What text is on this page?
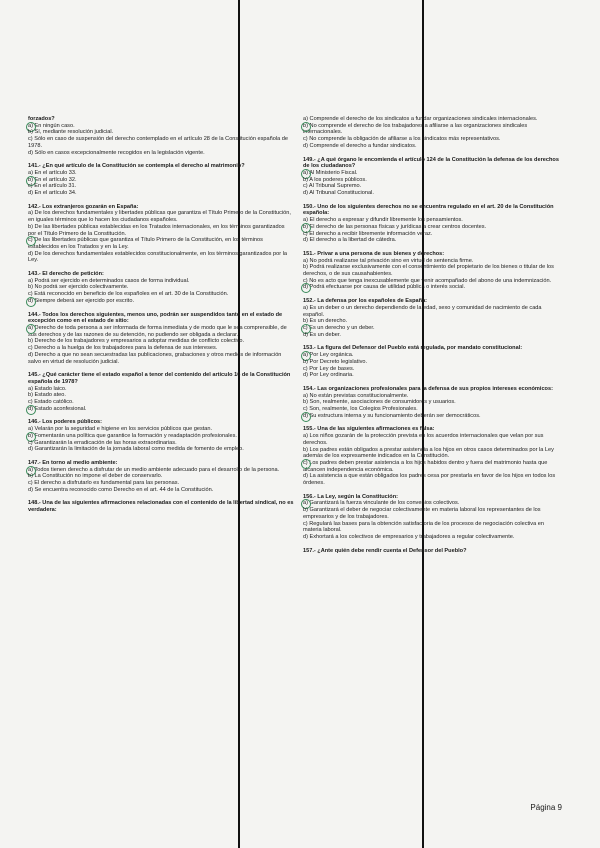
forzados?
a) En ningún caso.
b) Sí, mediante resolución judicial.
c) Sólo en caso de suspensión del derecho contemplado en el artículo 28 de la Constitución española de 1978.
d) Sólo en casos excepcionalmente recogidos en la legislación vigente.
141.- ¿En qué artículo de la Constitución se contempla el derecho al matrimonio?
a) En el artículo 33.
b) En el artículo 32.
c) En el artículo 31.
d) En el artículo 34.
142.- Los extranjeros gozarán en España:
a) De los derechos fundamentales y libertades públicas que garantiza el Título Primero de la Constitución, en iguales términos que lo hacen los ciudadanos españoles.
b) De las libertades públicas establecidas en los Tratados internacionales, en los términos garantizados por el Título Primero de la Constitución.
c) De las libertades públicas que garantiza el Título Primero de la Constitución, en los términos establecidos en los Tratados y en la Ley.
d) De los derechos fundamentales establecidos constitucionalmente, en los términos garantizados por la Ley.
143.- El derecho de petición:
a) Podrá ser ejercido en determinados casos de forma individual.
b) No podrá ser ejercido colectivamente.
c) Está reconocido en beneficio de los españoles en el art. 30 de la Constitución.
d) Siempre deberá ser ejercido por escrito.
144.- Todos los derechos siguientes, menos uno, podrán ser suspendidos tanto en el estado de excepción como en el estado de sitio:
a) Derecho de toda persona a ser informada de forma inmediata y de modo que le sea comprensible, de sus derechos y de las razones de su detención, no pudiendo ser obligada a declarar.
b) Derecho de los trabajadores y empresarios a adoptar medidas de conflicto colectivo.
c) Derecho a la huelga de los trabajadores para la defensa de sus intereses.
d) Derecho a que no sean secuestradas las publicaciones, grabaciones y otros medios de información salvo en virtud de resolución judicial.
145.- ¿Qué carácter tiene el estado español a tenor del contenido del artículo 16 de la Constitución española de 1978?
a) Estado laico.
b) Estado ateo.
c) Estado católico.
d) Estado aconfesional.
146.- Los poderes públicos:
a) Velarán por la seguridad e higiene en los servicios públicos que gestan.
b) Fomentarán una política que garantice la formación y readaptación profesionales.
c) Garantizarán la erradicación de las horas extraordinarias.
d) Garantizarán la limitación de la jornada laboral como medida de fomento de empleo.
147.- En torno al medio ambiente:
a) Todos tienen derecho a disfrutar de un medio ambiente adecuado para el desarrollo de la persona.
b) La Constitución no impone el deber de conservarlo.
c) El derecho a disfrutarlo es fundamental para las personas.
d) Se encuentra reconocido como Derecho en el art. 44 de la Constitución.
148.- Una de las siguientes afirmaciones relacionadas con el contenido de la libertad sindical, no es verdadera:
a) Comprende el derecho de los sindicatos a fundar organizaciones sindicales internacionales.
b) No comprende el derecho de los trabajadores a afiliarse a las organizaciones sindicales internacionales.
c) No comprende la obligación de afiliarse a los sindicatos más representativos.
d) Comprende el derecho a fundar sindicatos.
149.- ¿A qué órgano le encomienda el artículo 124 de la Constitución la defensa de los derechos de los ciudadanos?
a) Al Ministerio Fiscal.
b) A los poderes públicos.
c) Al Tribunal Supremo.
d) Al Tribunal Constitucional.
150.- Uno de los siguientes derechos no se encuentra regulado en el art. 20 de la Constitución española:
a) El derecho a expresar y difundir libremente los pensamientos.
b) El derecho de las personas físicas y jurídicas a crear centros docentes.
c) El derecho a recibir libremente información veraz.
d) El derecho a la libertad de cátedra.
151.- Privar a una persona de sus bienes y derechos:
a) No podrá realizarse tal privación sino en virtud de sentencia firme.
b) Podrá realizarse exclusivamente con el consentimiento del propietario de los bienes o titular de los derechos, o de sus causahabientes.
c) No es acto que tenga inexcusablemente que venir acompañado del abono de una indemnización.
d) Podrá efectuarse por causa de utilidad pública o interés social.
152.- La defensa por los españoles de España:
a) Es un deber o un derecho dependiendo de la edad, sexo y comunidad de nacimiento de cada español.
b) Es un derecho.
c) Es un derecho y un deber.
d) Es un deber.
153.- La figura del Defensor del Pueblo está regulada, por mandato constitucional:
a) Por Ley orgánica.
b) Por Decreto legislativo.
c) Por Ley de bases.
d) Por Ley ordinaria.
154.- Las organizaciones profesionales para la defensa de sus propios intereses económicos:
a) No están previstas constitucionalmente.
b) Son, realmente, asociaciones de consumidores y usuarios.
c) Son, realmente, los Colegios Profesionales.
d) Su estructura interna y su funcionamiento deberán ser democráticos.
155.- Una de las siguientes afirmaciones es falsa:
a) Los niños gozarán de la protección prevista en los acuerdos internacionales que velan por sus derechos.
b) Los padres están obligados a prestar asistencia a los hijos en otros casos determinados por la Ley además de los expresamente indicados en la Constitución.
c) Los padres deben prestar asistencia a los hijos habidos dentro y fuera del matrimonio hasta que alcancen independencia económica.
d) La asistencia a que están obligados los padres cesa por prestarla en favor de los hijos en todos los órdenes.
156.- La Ley, según la Constitución:
a) Garantizará la fuerza vinculante de los convenios colectivos.
b) Garantizará el deber de negociar colectivamente en materia laboral los representantes de los empresarios y de los trabajadores.
c) Regulará las bases para la obtención satisfactoria de los procesos de negociación colectiva en materia laboral.
d) Exhortará a los colectivos de empresarios y trabajadores a regular colectivamente.
157.- ¿Ante quién debe rendir cuenta el Defensor del Pueblo?
Página 9
